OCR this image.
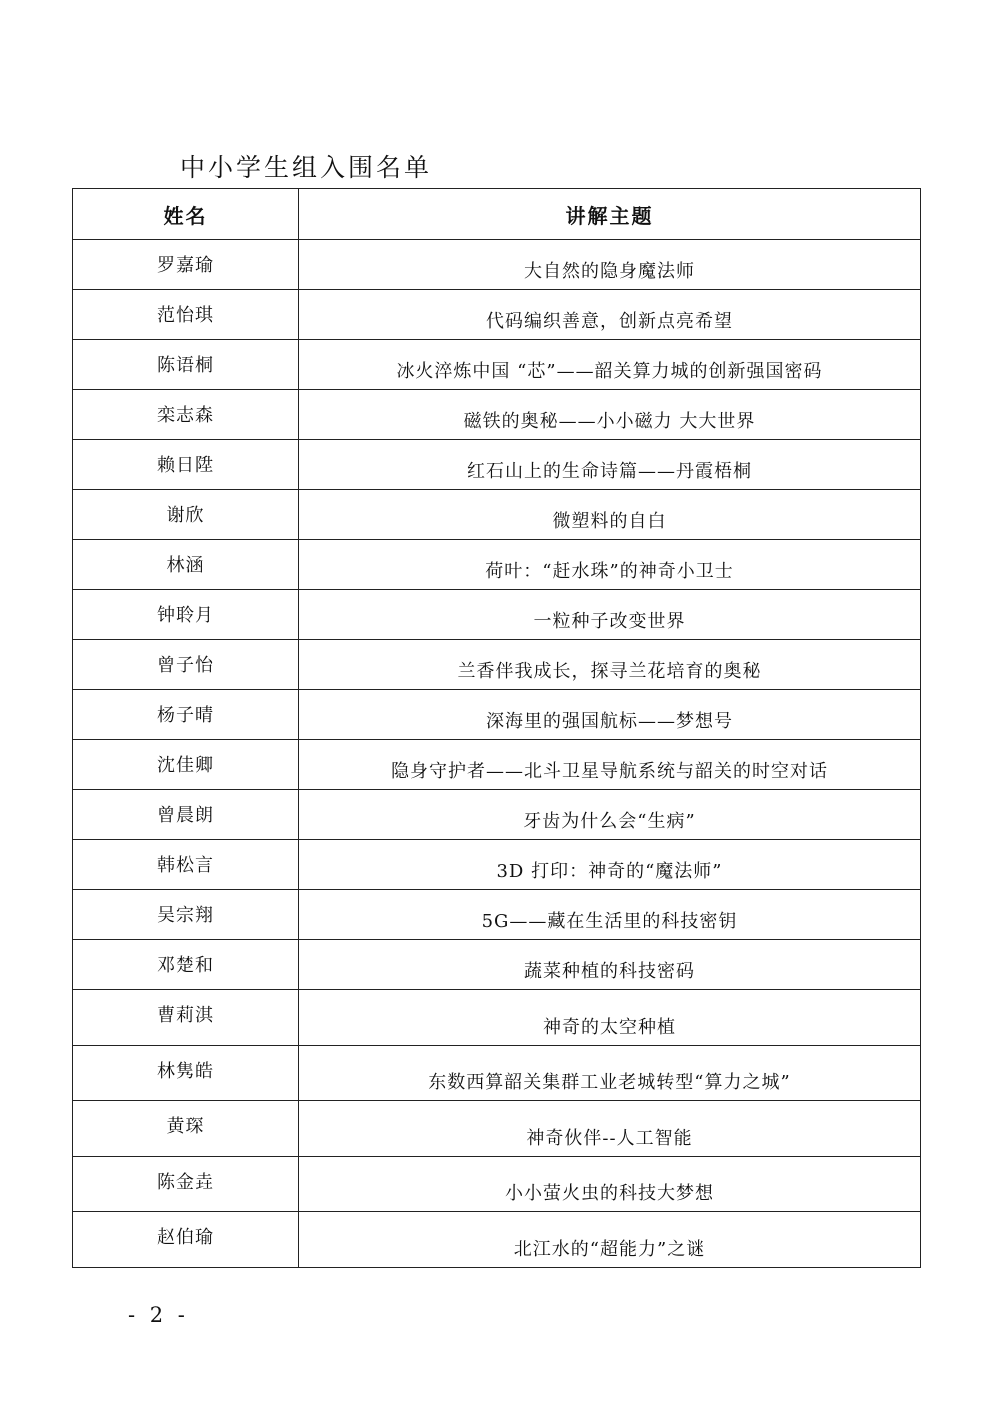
中小学生组入围名单
姓名	讲解主题
罗嘉瑜	大自然的隐身魔法师
范怡琪	代码编织善意，创新点亮希望
陈语桐	冰火淬炼中国 “芯”——韶关算力城的创新强国密码
栾志森	磁铁的奥秘——小小磁力 大大世界
赖日陞	红石山上的生命诗篇——丹霞梧桐
谢欣	微塑料的自白
林涵	荷叶：“赶水珠”的神奇小卫士
钟聆月	一粒种子改变世界
曾子怡	兰香伴我成长，探寻兰花培育的奥秘
杨子晴	深海里的强国航标——梦想号
沈佳卿	隐身守护者——北斗卫星导航系统与韶关的时空对话
曾晨朗	牙齿为什么会“生病”
韩松言	3D 打印：神奇的“魔法师”
吴宗翔	5G——藏在生活里的科技密钥
邓楚和	蔬菜种植的科技密码
曹莉淇	神奇的太空种植
林隽皓	东数西算韶关集群工业老城转型“算力之城”
黄琛	神奇伙伴--人工智能
陈金垚	小小萤火虫的科技大梦想
赵伯瑜	北江水的“超能力”之谜
- 2 -
